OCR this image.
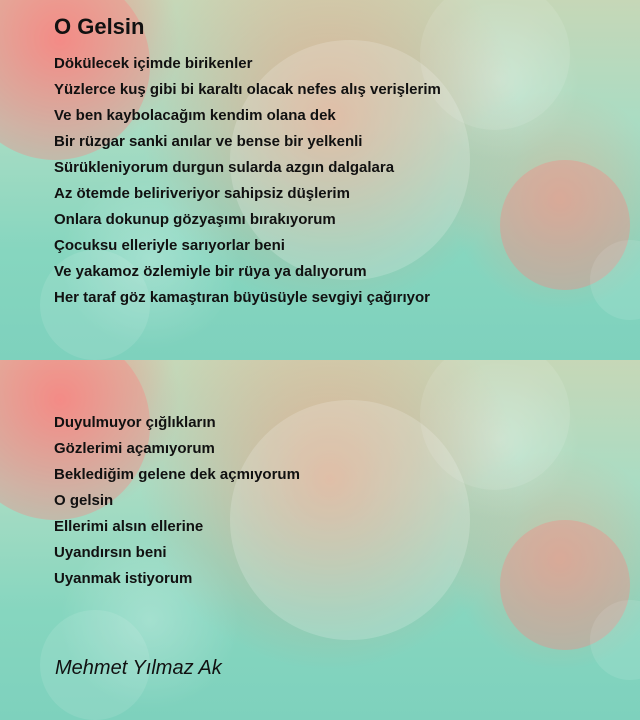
O Gelsin
Dökülecek içimde birikenler
Yüzlerce kuş gibi bi karaltı olacak nefes alış verişlerim
Ve ben kaybolacağım kendim olana dek
Bir rüzgar sanki anılar ve bense bir yelkenli
Sürükleniyorum durgun sularda azgın dalgalara
Az ötemde beliriveriyor sahipsiz düşlerim
Onlara dokunup gözyaşımı bırakıyorum
Çocuksu elleriyle sarıyorlar beni
Ve yakamoz özlemiyle bir rüya ya dalıyorum
Her taraf göz kamaştıran büyüsüyle sevgiyi çağırıyor
Duyulmuyor çığlıkların
Gözlerimi açamıyorum
Beklediğim gelene dek açmıyorum
O gelsin
Ellerimi alsın ellerine
Uyandırsın beni
Uyanmak istiyorum
Mehmet Yılmaz Ak
